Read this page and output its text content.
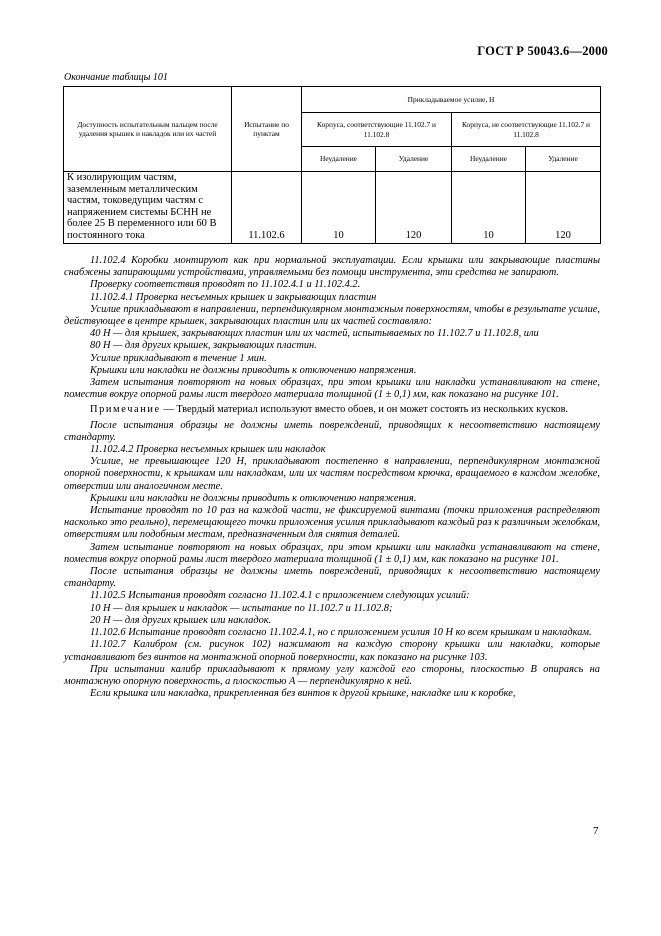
ГОСТ Р 50043.6—2000
Окончание таблицы 101
Доступность испытательным пальцем после удаления крышек и накладок или их частей	Испытание по пунктам	Прикладываемое усилие, Н			
		Корпуса, соответствующие 11.102.7 и 11.102.8		Корпуса, не соответствующие 11.102.7 и 11.102.8	
		Неудаление	Удаление	Неудаление	Удаление
К изолирующим частям, заземленным металлическим частям, токоведущим частям с напряжением системы БСНН не более 25 В переменного или 60 В постоянного тока	11.102.6	10	120	10	120

11.102.4 Коробки монтируют как при нормальной эксплуатации. Если крышки или закрывающие пластины снабжены запирающими устройствами, управляемыми без помощи инструмента, эти средства не запирают.

Проверку соответствия проводят по 11.102.4.1 и 11.102.4.2.

11.102.4.1 Проверка несъемных крышек и закрывающих пластин

Усилие прикладывают в направлении, перпендикулярном монтажным поверхностям, чтобы в результате усилие, действующее в центре крышек, закрывающих пластин или их частей составляло:

40 Н — для крышек, закрывающих пластин или их частей, испытываемых по 11.102.7 и 11.102.8, или

80 Н — для других крышек, закрывающих пластин.

Усилие прикладывают в течение 1 мин.

Крышки или накладки не должны приводить к отключению напряжения.

Затем испытания повторяют на новых образцах, при этом крышки или накладки устанавливают на стене, поместив вокруг опорной рамы лист твердого материала толщиной (1 ± 0,1) мм, как показано на рисунке 101.

Примечание — Твердый материал используют вместо обоев, и он может состоять из нескольких кусков.

После испытания образцы не должны иметь повреждений, приводящих к несоответствию настоящему стандарту.

11.102.4.2 Проверка несъемных крышек или накладок

Усилие, не превышающее 120 Н, прикладывают постепенно в направлении, перпендикулярном монтажной опорной поверхности, к крышкам или накладкам, или их частям посредством крючка, вращаемого в каждом желобке, отверстии или аналогичном месте.

Крышки или накладки не должны приводить к отключению напряжения.

Испытание проводят по 10 раз на каждой части, не фиксируемой винтами (точки приложения распределяют насколько это реально), перемещающего точки приложения усилия прикладывают каждый раз к различным желобкам, отверстиям или подобным местам, предназначенным для снятия деталей.

Затем испытание повторяют на новых образцах, при этом крышки или накладки устанавливают на стене, поместив вокруг опорной рамы лист твердого материала толщиной (1 ± 0,1) мм, как показано на рисунке 101.

После испытания образцы не должны иметь повреждений, приводящих к несоответствию настоящему стандарту.

11.102.5 Испытания проводят согласно 11.102.4.1 с приложением следующих усилий:

10 Н — для крышек и накладок — испытание по 11.102.7 и 11.102.8;

20 Н — для других крышек или накладок.

11.102.6 Испытание проводят согласно 11.102.4.1, но с приложением усилия 10 Н ко всем крышкам и накладкам.

11.102.7 Калибром (см. рисунок 102) нажимают на каждую сторону крышки или накладки, которые устанавливают без винтов на монтажной опорной поверхности, как показано на рисунке 103.

При испытании калибр прикладывают к прямому углу каждой его стороны, плоскостью В опираясь на монтажную опорную поверхность, а плоскостью А — перпендикулярно к ней.

Если крышка или накладка, прикрепленная без винтов к другой крышке, накладке или к коробке,

7
